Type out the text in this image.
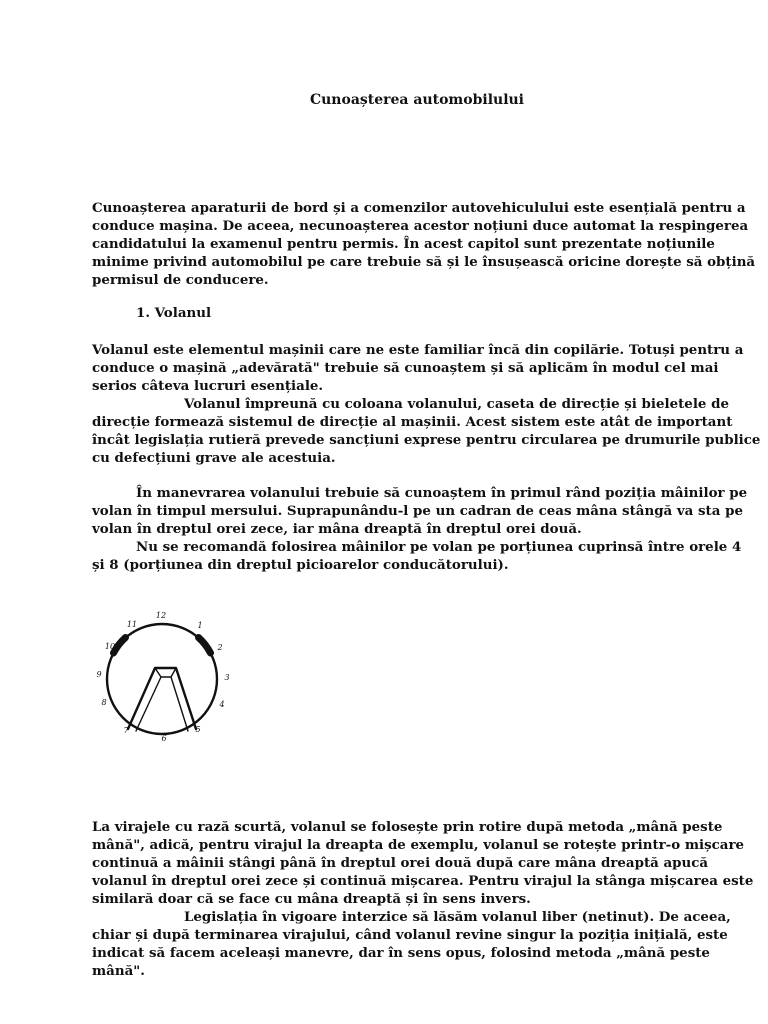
Cunoașterea automobilului

Cunoașterea aparaturii de bord și a comenzilor autovehiculului este esențială pentru a
conduce mașina. De aceea, necunoașterea acestor noțiuni duce automat la respingerea
candidatului la examenul pentru permis. În acest capitol sunt prezentate noțiunile
minime privind automobilul pe care trebuie să și le însușească oricine dorește să obțină
permisul de conducere.

1. Volanul

Volanul este elementul mașinii care ne este familiar încă din copilărie. Totuși pentru a
conduce o mașină „adevărată" trebuie să cunoaștem și să aplicăm în modul cel mai
serios câteva lucruri esențiale.
Volanul împreună cu coloana volanului, caseta de direcție și bieletele de
direcție formează sistemul de direcție al mașinii. Acest sistem este atât de important
încât legislația rutieră prevede sancțiuni exprese pentru circularea pe drumurile publice
cu defecțiuni grave ale acestuia.

În manevrarea volanului trebuie să cunoaștem în primul rând poziția mâinilor pe
volan în timpul mersului. Suprapunându-l pe un cadran de ceas mâna stângă va sta pe
volan în dreptul orei zece, iar mâna dreaptă în dreptul orei două.
Nu se recomandă folosirea mâinilor pe volan pe porțiunea cuprinsă între orele 4
și 8 (porțiunea din dreptul picioarelor conducătorului).

12
1
2
3
4
5
6
7
8
9
10
11

La virajele cu rază scurtă, volanul se folosește prin rotire după metoda „mână peste
mână", adică, pentru virajul la dreapta de exemplu, volanul se rotește printr-o mișcare
continuă a mâinii stângi până în dreptul orei două după care mâna dreaptă apucă
volanul în dreptul orei zece și continuă mișcarea. Pentru virajul la stânga mișcarea este
similară doar că se face cu mâna dreaptă și în sens invers.
Legislația în vigoare interzice să lăsăm volanul liber (netinut). De aceea,
chiar și după terminarea virajului, când volanul revine singur la poziția inițială, este
indicat să facem aceleași manevre, dar în sens opus, folosind metoda „mână peste
mână".
